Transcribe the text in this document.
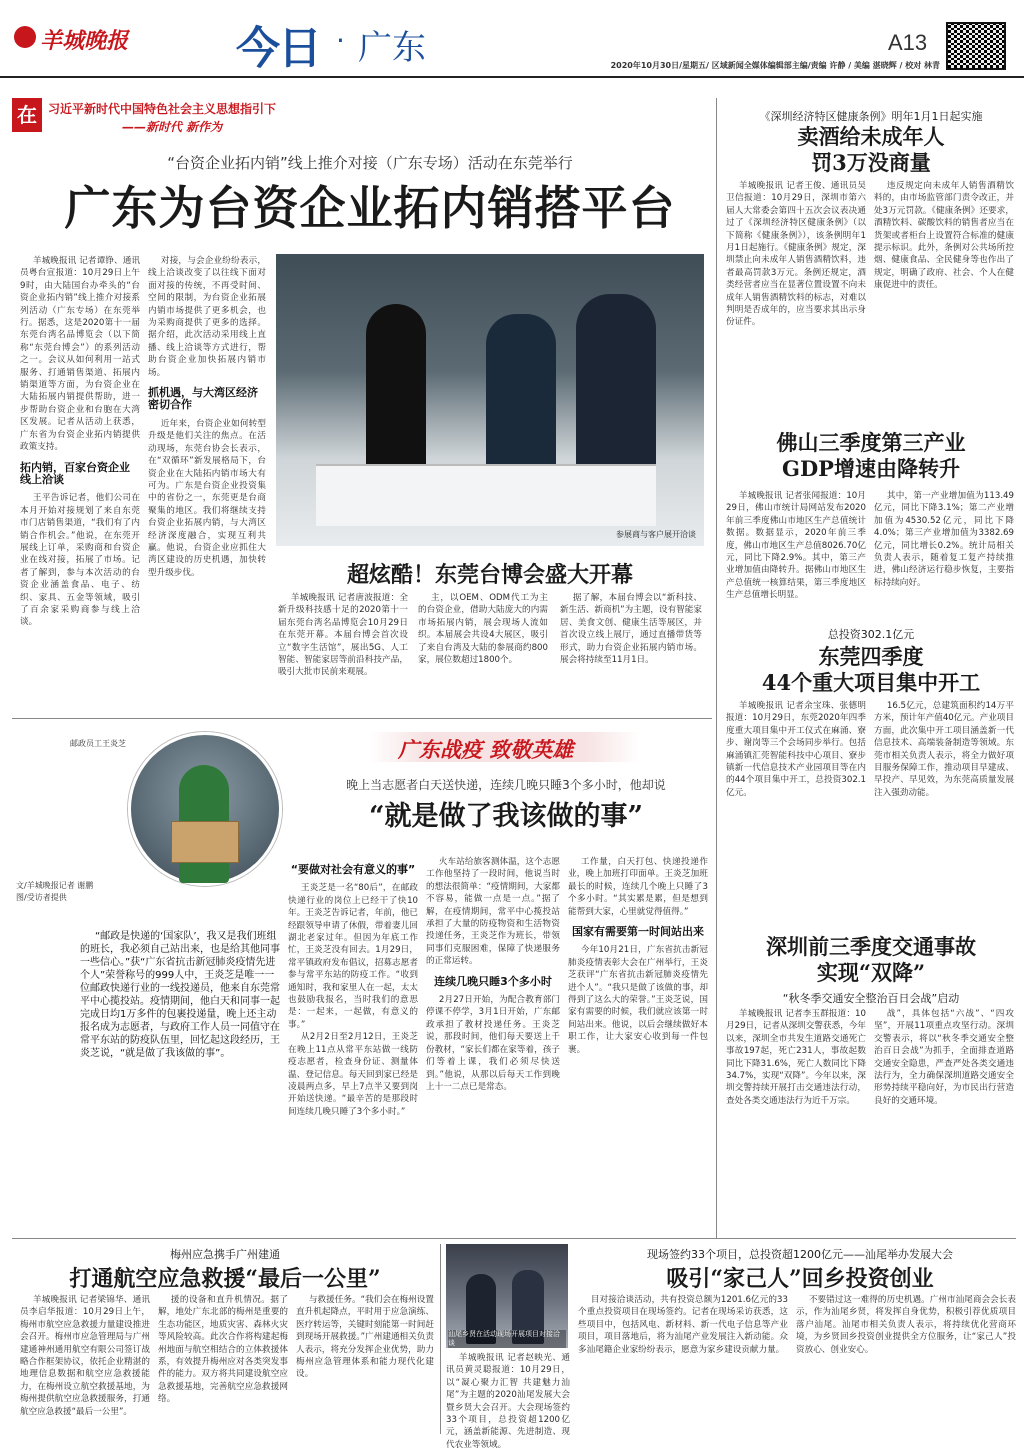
羊城晚报 今日 · 广东	A13
2020年10月30日/星期五/ 区域新闻全媒体编辑部主编/责编 许静 / 美编 湛晓辉 / 校对 林青
在 习近平新时代中国特色社会主义思想指引下
——新时代 新作为
“台资企业拓内销”线上推介对接（广东专场）活动在东莞举行
广东为台资企业拓内销搭平台

羊城晚报讯 记者谭铮、通讯员粤台宣报道：10月29日上午9时，由大陆国台办牵头的“台资企业拓内销”线上推介对接系列活动（广东专场）在东莞举行。据悉，这是2020第十一届东莞台湾名品博览会（以下简称“东莞台博会”）的系列活动之一。会议从如何利用一站式服务、打通销售渠道、拓展内销渠道等方面，为台资企业在大陆拓展内销提供帮助，进一步帮助台资企业和台胞在大湾区发展。记者从活动上获悉，广东省为台资企业拓内销提供政策支持。

拓内销，百家台资企业线上洽谈

王平告诉记者，他们公司在本月开始对接规划了来自东莞市门店销售渠道，“我们有了内销合作机会。”他说，在东莞开展线上订单，采购商和台资企业在线对接，拓展了市场。记者了解到，参与本次活动的台资企业涵盖食品、电子、纺织、家具、五金等领域，吸引了百余家采购商参与线上洽谈。

对接，与会企业纷纷表示，线上洽谈改变了以往线下面对面对接的传统，不再受时间、空间的限制，为台资企业拓展内销市场提供了更多机会，也为采购商提供了更多的选择。据介绍，此次活动采用线上直播、线上洽谈等方式进行，帮助台资企业加快拓展内销市场。

抓机遇，与大湾区经济密切合作

近年来，台资企业如何转型升级是他们关注的焦点。在活动现场，东莞台协会长表示，在“双循环”新发展格局下，台资企业在大陆拓内销市场大有可为。广东是台资企业投资集中的省份之一，东莞更是台商聚集的地区。我们将继续支持台资企业拓展内销，与大湾区经济深度融合，实现互利共赢。他说，台资企业应抓住大湾区建设的历史机遇，加快转型升级步伐。

参展商与客户展开洽谈
超炫酷！东莞台博会盛大开幕

羊城晚报讯 记者唐波报道：全新升级科技感十足的2020第十一届东莞台湾名品博览会10月29日在东莞开幕。本届台博会首次设立“数字生活馆”，展出5G、人工智能、智能家居等前沿科技产品，吸引大批市民前来观展。

主，以OEM、ODM代工为主的台资企业，借助大陆庞大的内需市场拓展内销，展会现场人流如织。本届展会共设4大展区，吸引了来自台湾及大陆的参展商约800家，展位数超过1800个。

据了解，本届台博会以“新科技、新生活、新商机”为主题，设有智能家居、美食文创、健康生活等展区，并首次设立线上展厅，通过直播带货等形式，助力台资企业拓展内销市场。展会将持续至11月1日。

《深圳经济特区健康条例》明年1月1日起实施
卖酒给未成年人
罚3万没商量

羊城晚报讯 记者王俊、通讯员吴卫信报道：10月29日，深圳市第六届人大常委会第四十五次会议表决通过了《深圳经济特区健康条例》（以下简称《健康条例》），该条例明年1月1日起施行。《健康条例》规定，深圳禁止向未成年人销售酒精饮料，违者最高罚款3万元。条例还规定，酒类经营者应当在显著位置设置不向未成年人销售酒精饮料的标志，对难以判明是否成年的，应当要求其出示身份证件。

违反规定向未成年人销售酒精饮料的，由市场监管部门责令改正，并处3万元罚款。《健康条例》还要求，酒精饮料、碳酸饮料的销售者应当在货架或者柜台上设置符合标准的健康提示标识。此外，条例对公共场所控烟、健康食品、全民健身等也作出了规定，明确了政府、社会、个人在健康促进中的责任。

佛山三季度第三产业
GDP增速由降转升

羊城晚报讯 记者张闻报道：10月29日，佛山市统计局网站发布2020年前三季度佛山市地区生产总值统计数据。数据显示，2020年前三季度，佛山市地区生产总值8026.70亿元，同比下降2.9%。其中，第三产业增加值由降转升。据佛山市地区生产总值统一核算结果，第三季度地区生产总值增长明显。

其中，第一产业增加值为113.49亿元，同比下降3.1%；第二产业增加值为4530.52亿元，同比下降4.0%；第三产业增加值为3382.69亿元，同比增长0.2%。统计局相关负责人表示，随着复工复产持续推进，佛山经济运行稳步恢复，主要指标持续向好。

总投资302.1亿元
东莞四季度
44个重大项目集中开工

羊城晚报讯 记者余宝珠、张德明报道：10月29日，东莞2020年四季度重大项目集中开工仪式在麻涌、寮步、谢岗等三个会场同步举行。包括麻涌镇汇莞智能科技中心项目、寮步镇新一代信息技术产业园项目等在内的44个项目集中开工，总投资302.1亿元。

16.5亿元，总建筑面积约14万平方米，预计年产值40亿元。产业项目方面，此次集中开工项目涵盖新一代信息技术、高端装备制造等领域。东莞市相关负责人表示，将全力做好项目服务保障工作，推动项目早建成、早投产、早见效，为东莞高质量发展注入强劲动能。

深圳前三季度交通事故
实现“双降”
“秋冬季交通安全整治百日会战”启动

羊城晚报讯 记者李玉群报道：10月29日，记者从深圳交警获悉，今年以来，深圳全市共发生道路交通死亡事故197起，死亡231人，事故起数同比下降31.6%，死亡人数同比下降34.7%，实现“双降”。今年以来，深圳交警持续开展打击交通违法行动，查处各类交通违法行为近千万宗。

战”，具体包括“六战”、“四攻坚”，开展11项重点攻坚行动。深圳交警表示，将以“秋冬季交通安全整治百日会战”为抓手，全面排查道路交通安全隐患，严查严处各类交通违法行为，全力确保深圳道路交通安全形势持续平稳向好，为市民出行营造良好的交通环境。

邮政员工王炎芝
文/羊城晚报记者 谢鹏
图/受访者提供
广东战疫 致敬英雄
晚上当志愿者白天送快递，连续几晚只睡3个多小时，他却说
“就是做了我该做的事”

“邮政是快递的‘国家队’，我又是我们班组的班长，我必须自己站出来，也是给其他同事一些信心。”获“广东省抗击新冠肺炎疫情先进个人”荣誉称号的999人中，王炎芝是唯一一位邮政快递行业的一线投递员，他来自东莞常平中心揽投站。疫情期间，他白天和同事一起完成日均1万多件的包裹投递量，晚上还主动报名成为志愿者，与政府工作人员一同值守在常平东站的防疫队伍里，回忆起这段经历，王炎芝说，“就是做了我该做的事”。

“要做对社会有意义的事”

王炎芝是一名“80后”，在邮政快递行业的岗位上已经干了快10年。王炎芝告诉记者，年前，他已经跟领导申请了休假，带着妻儿回湖北老家过年。但因为年底工作忙，王炎芝没有回去。1月29日，常平镇政府发布倡议，招募志愿者参与常平东站的防疫工作。“收到通知时，我和家里人在一起，太太也鼓励我报名，当时我们的意思是：一起来，一起做，有意义的事。”

从2月2日至2月12日，王炎芝在晚上11点从常平东站做一线防疫志愿者，检查身份证、测量体温、登记信息。每天回到家已经是凌晨两点多，早上7点半又要到岗开始送快递。“最辛苦的是那段时间连续几晚只睡了3个多小时。”

火车站给旅客测体温，这个志愿工作他坚持了一段时间，他说当时的想法很简单：“疫情期间，大家都不容易，能做一点是一点。”据了解，在疫情期间，常平中心揽投站承担了大量的防疫物资和生活物资投递任务，王炎芝作为班长，带领同事们克服困难，保障了快递服务的正常运转。

连续几晚只睡3个多小时

2月27日开始，为配合教育部门停课不停学，3月1日开始，广东邮政承担了教材投递任务。王炎芝说，那段时间，他们每天要送上千份教材，“家长们都在家等着，孩子们等着上课，我们必须尽快送到。”他说，从那以后每天工作到晚上十一二点已是常态。

工作量，白天打包、快递投递作业，晚上加班打印面单。王炎芝加班最长的时候，连续几个晚上只睡了3个多小时。“其实累是累，但是想到能帮到大家，心里就觉得值得。”

国家有需要第一时间站出来

今年10月21日，广东省抗击新冠肺炎疫情表彰大会在广州举行，王炎芝获评“广东省抗击新冠肺炎疫情先进个人”。“我只是做了该做的事，却得到了这么大的荣誉。”王炎芝说，国家有需要的时候，我们就应该第一时间站出来。他说，以后会继续做好本职工作，让大家安心收到每一件包裹。

梅州应急携手广州建通
打通航空应急救援“最后一公里”

羊城晚报讯 记者梁锦华、通讯员李启华报道：10月29日上午，梅州市航空应急救援力量建设推进会召开。梅州市应急管理局与广州建通神州通用航空有限公司签订战略合作框架协议，依托企业精湛的地理信息数据和航空应急救援能力，在梅州设立航空救援基地，为梅州提供航空应急救援服务，打通航空应急救援“最后一公里”。

援的设备和直升机情况。据了解，地处广东北部的梅州是重要的生态功能区，地质灾害、森林火灾等风险较高。此次合作将构建起梅州地面与航空相结合的立体救援体系，有效提升梅州应对各类突发事件的能力。双方将共同建设航空应急救援基地，完善航空应急救援网络。

与救援任务。“我们会在梅州设置直升机起降点，平时用于应急演练、医疗转运等，关键时刻能第一时间赶到现场开展救援。”广州建通相关负责人表示，将充分发挥企业优势，助力梅州应急管理体系和能力现代化建设。

现场签约33个项目，总投资超1200亿元——汕尾举办发展大会
吸引“家己人”回乡投资创业
汕尾乡贤在活动现场开展项目对接洽谈

羊城晚报讯 记者赵映光、通讯员黄灵聪报道：10月29日，以“凝心聚力汇智 共建魅力汕尾”为主题的2020汕尾发展大会暨乡贤大会召开。大会现场签约33个项目，总投资超1200亿元，涵盖新能源、先进制造、现代农业等领域。

目对接洽谈活动，共有投资总额为1201.6亿元的33个重点投资项目在现场签约。记者在现场采访获悉，这些项目中，包括风电、新材料、新一代电子信息等产业项目，项目落地后，将为汕尾产业发展注入新动能。众多汕尾籍企业家纷纷表示，愿意为家乡建设贡献力量。

不要错过这一难得的历史机遇。广州市汕尾商会会长表示，作为汕尾乡贤，将发挥自身优势，积极引荐优质项目落户汕尾。汕尾市相关负责人表示，将持续优化营商环境，为乡贤回乡投资创业提供全方位服务，让“家己人”投资放心、创业安心。
